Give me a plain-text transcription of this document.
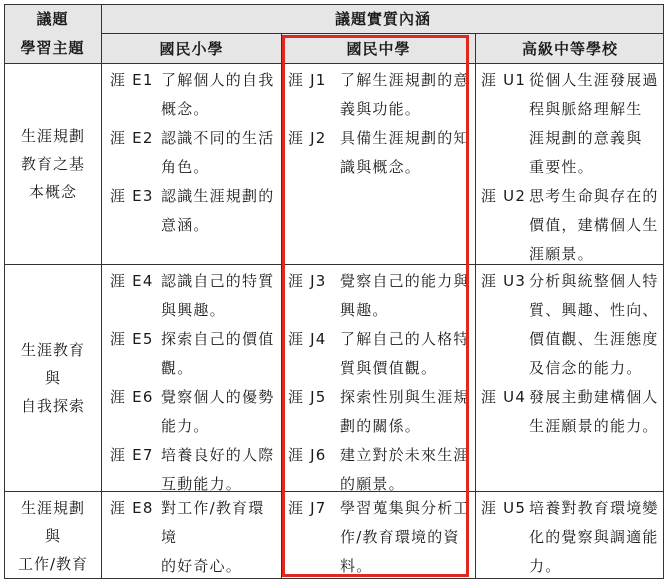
議題
學習主題
議題實質內涵
國民小學	國民中學	高級中等學校
生涯規劃
教育之基
本概念
涯 E1 了解個人的自我
概念。
涯 E2 認識不同的生活
角色。
涯 E3 認識生涯規劃的
意涵。
涯 J1 了解生涯規劃的意
義與功能。
涯 J2 具備生涯規劃的知
識與概念。
涯 U1 從個人生涯發展過
程與脈絡理解生
涯規劃的意義與
重要性。
涯 U2 思考生命與存在的
價值，建構個人生
涯願景。
生涯教育
與
自我探索
涯 E4 認識自己的特質
與興趣。
涯 E5 探索自己的價值
觀。
涯 E6 覺察個人的優勢
能力。
涯 E7 培養良好的人際
互動能力。
涯 J3 覺察自己的能力與
興趣。
涯 J4 了解自己的人格特
質與價值觀。
涯 J5 探索性別與生涯規
劃的關係。
涯 J6 建立對於未來生涯
的願景。
涯 U3 分析與統整個人特
質、興趣、性向、
價值觀、生涯態度
及信念的能力。
涯 U4 發展主動建構個人
生涯願景的能力。
生涯規劃
與
工作/教育
涯 E8 對工作/教育環境
的好奇心。
涯 J7 學習蒐集與分析工
作/教育環境的資
料。
涯 U5 培養對教育環境變
化的覺察與調適能
力。
